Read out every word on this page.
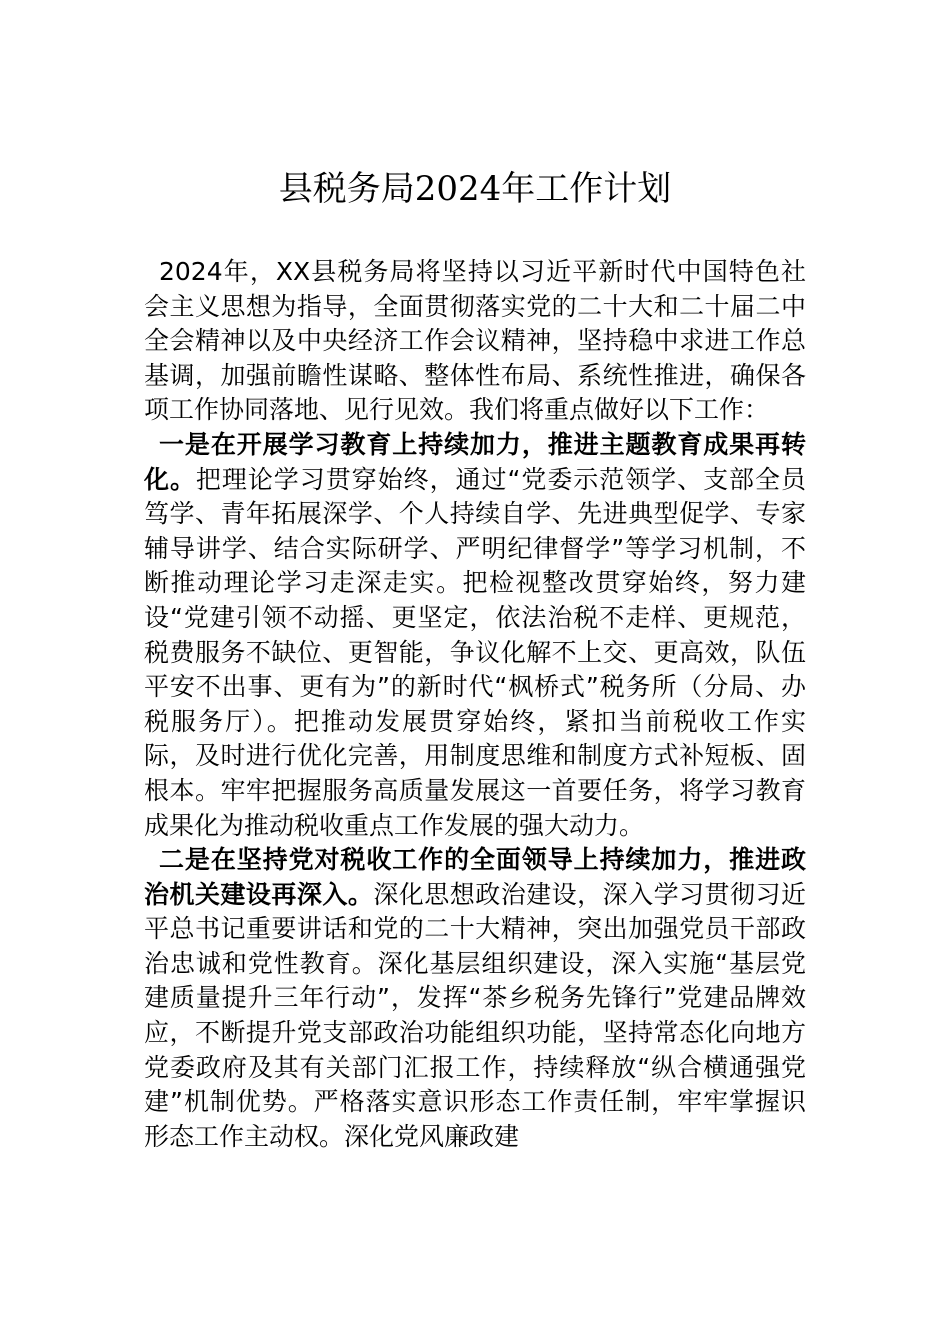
县税务局2024年工作计划

2024年，XX县税务局将坚持以习近平新时代中国特色社会主义思想为指导，全面贯彻落实党的二十大和二十届二中全会精神以及中央经济工作会议精神，坚持稳中求进工作总基调，加强前瞻性谋略、整体性布局、系统性推进，确保各项工作协同落地、见行见效。我们将重点做好以下工作：

一是在开展学习教育上持续加力，推进主题教育成果再转化。把理论学习贯穿始终，通过“党委示范领学、支部全员笃学、青年拓展深学、个人持续自学、先进典型促学、专家辅导讲学、结合实际研学、严明纪律督学”等学习机制，不断推动理论学习走深走实。把检视整改贯穿始终，努力建设“党建引领不动摇、更坚定，依法治税不走样、更规范，税费服务不缺位、更智能，争议化解不上交、更高效，队伍平安不出事、更有为”的新时代“枫桥式”税务所（分局、办税服务厅）。把推动发展贯穿始终，紧扣当前税收工作实际，及时进行优化完善，用制度思维和制度方式补短板、固根本。牢牢把握服务高质量发展这一首要任务，将学习教育成果化为推动税收重点工作发展的强大动力。

二是在坚持党对税收工作的全面领导上持续加力，推进政治机关建设再深入。深化思想政治建设，深入学习贯彻习近平总书记重要讲话和党的二十大精神，突出加强党员干部政治忠诚和党性教育。深化基层组织建设，深入实施“基层党建质量提升三年行动”，发挥“茶乡税务先锋行”党建品牌效应，不断提升党支部政治功能组织功能，坚持常态化向地方党委政府及其有关部门汇报工作，持续释放“纵合横通强党建”机制优势。严格落实意识形态工作责任制，牢牢掌握识形态工作主动权。深化党风廉政建
